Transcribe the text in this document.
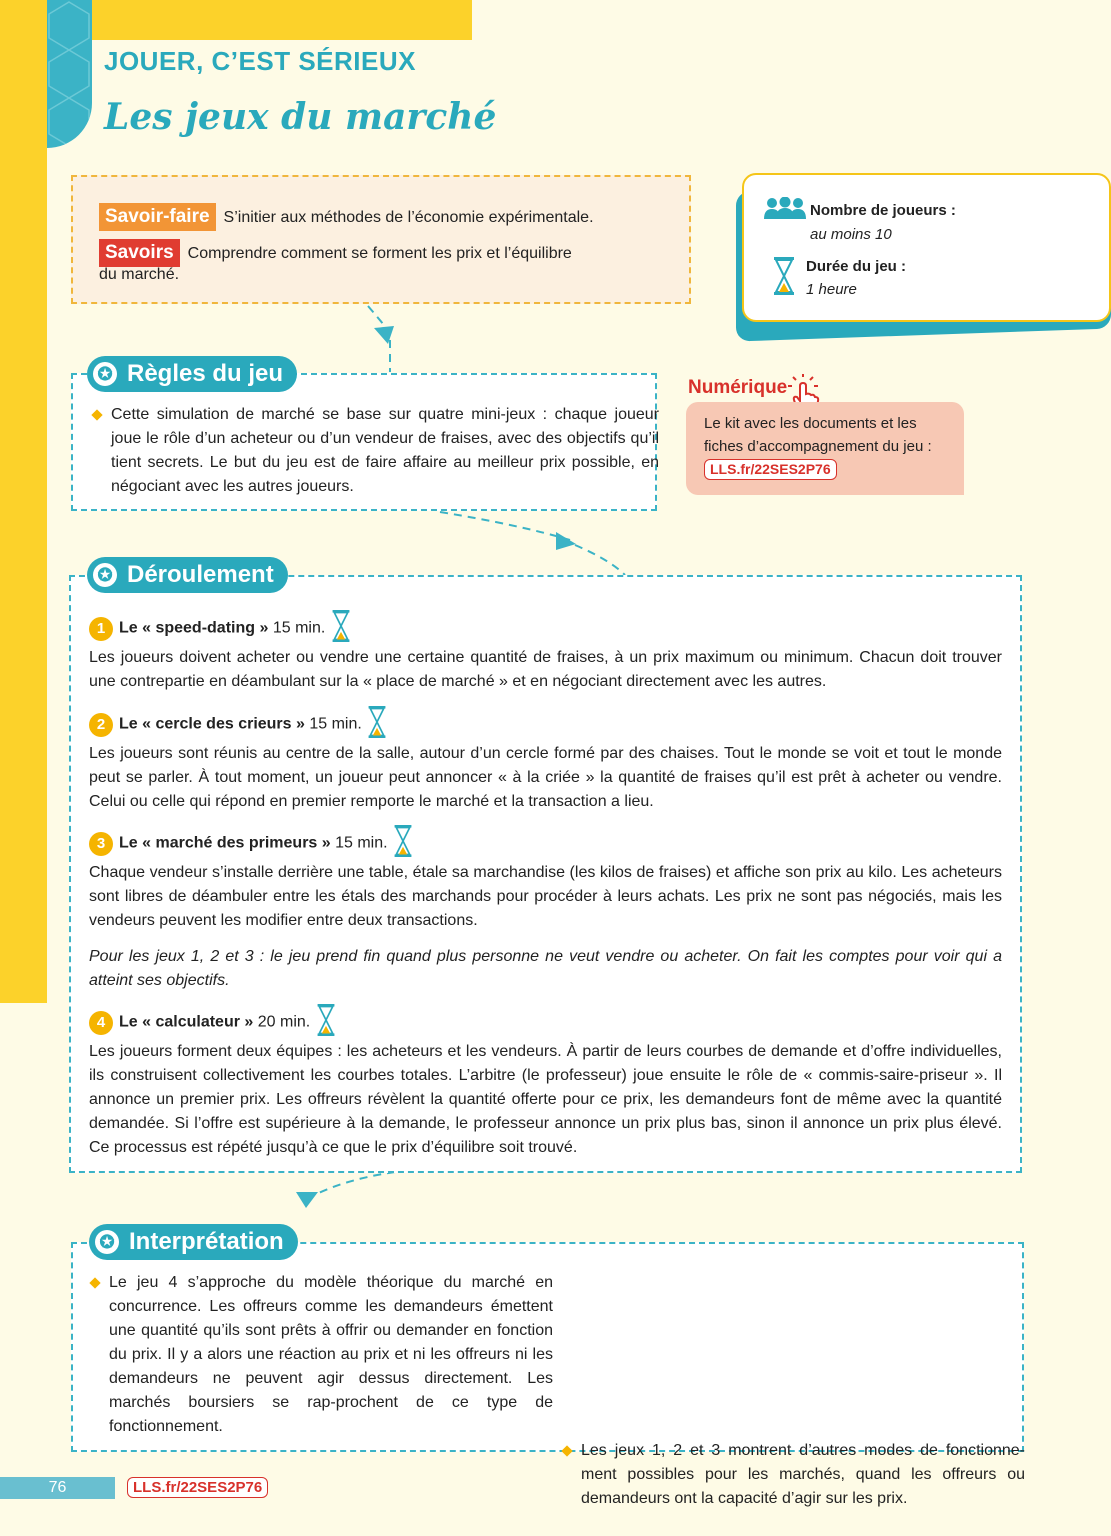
JOUER, C’EST SÉRIEUX
Les jeux du marché

Savoir-faire S’initier aux méthodes de l’économie expérimentale.

Savoirs Comprendre comment se forment les prix et l’équilibre

du marché.

Nombre de joueurs :
au moins 10
Durée du jeu :
1 heure
Cette simulation de marché se base sur quatre mini-jeux : chaque joueur joue le rôle d’un acheteur ou d’un vendeur de fraises, avec des objectifs qu’il tient secrets. Le but du jeu est de faire affaire au meilleur prix possible, en négociant avec les autres joueurs.
✪ Règles du jeu
Numérique
Le kit avec les documents et les fiches d’accompagnement du jeu :
LLS.fr/22SES2P76
✪ Déroulement
1 Le « speed-dating » 15 min.

Les joueurs doivent acheter ou vendre une certaine quantité de fraises, à un prix maximum ou minimum. Chacun doit trouver une contrepartie en déambulant sur la « place de marché » et en négociant directement avec les autres.

2 Le « cercle des crieurs » 15 min.

Les joueurs sont réunis au centre de la salle, autour d’un cercle formé par des chaises. Tout le monde se voit et tout le monde peut se parler. À tout moment, un joueur peut annoncer « à la criée » la quantité de fraises qu’il est prêt à acheter ou vendre. Celui ou celle qui répond en premier remporte le marché et la transaction a lieu.

3 Le « marché des primeurs » 15 min.

Chaque vendeur s’installe derrière une table, étale sa marchandise (les kilos de fraises) et affiche son prix au kilo. Les acheteurs sont libres de déambuler entre les étals des marchands pour procéder à leurs achats. Les prix ne sont pas négociés, mais les vendeurs peuvent les modifier entre deux transactions.

Pour les jeux 1, 2 et 3 : le jeu prend fin quand plus personne ne veut vendre ou acheter. On fait les comptes pour voir qui a atteint ses objectifs.

4 Le « calculateur » 20 min.

Les joueurs forment deux équipes : les acheteurs et les vendeurs. À partir de leurs courbes de demande et d’offre individuelles, ils construisent collectivement les courbes totales. L’arbitre (le professeur) joue ensuite le rôle de « commis-saire-priseur ». Il annonce un premier prix. Les offreurs révèlent la quantité offerte pour ce prix, les demandeurs font de même avec la quantité demandée. Si l’offre est supérieure à la demande, le professeur annonce un prix plus bas, sinon il annonce un prix plus élevé. Ce processus est répété jusqu’à ce que le prix d’équilibre soit trouvé.

✪ Interprétation
Le jeu 4 s’approche du modèle théorique du marché en concurrence. Les offreurs comme les demandeurs émettent une quantité qu’ils sont prêts à offrir ou demander en fonction du prix. Il y a alors une réaction au prix et ni les offreurs ni les demandeurs ne peuvent agir dessus directement. Les marchés boursiers se rap-prochent de ce type de fonctionnement.
Les jeux 1, 2 et 3 montrent d’autres modes de fonctionne-ment possibles pour les marchés, quand les offreurs ou demandeurs ont la capacité d’agir sur les prix.
76	LLS.fr/22SES2P76
